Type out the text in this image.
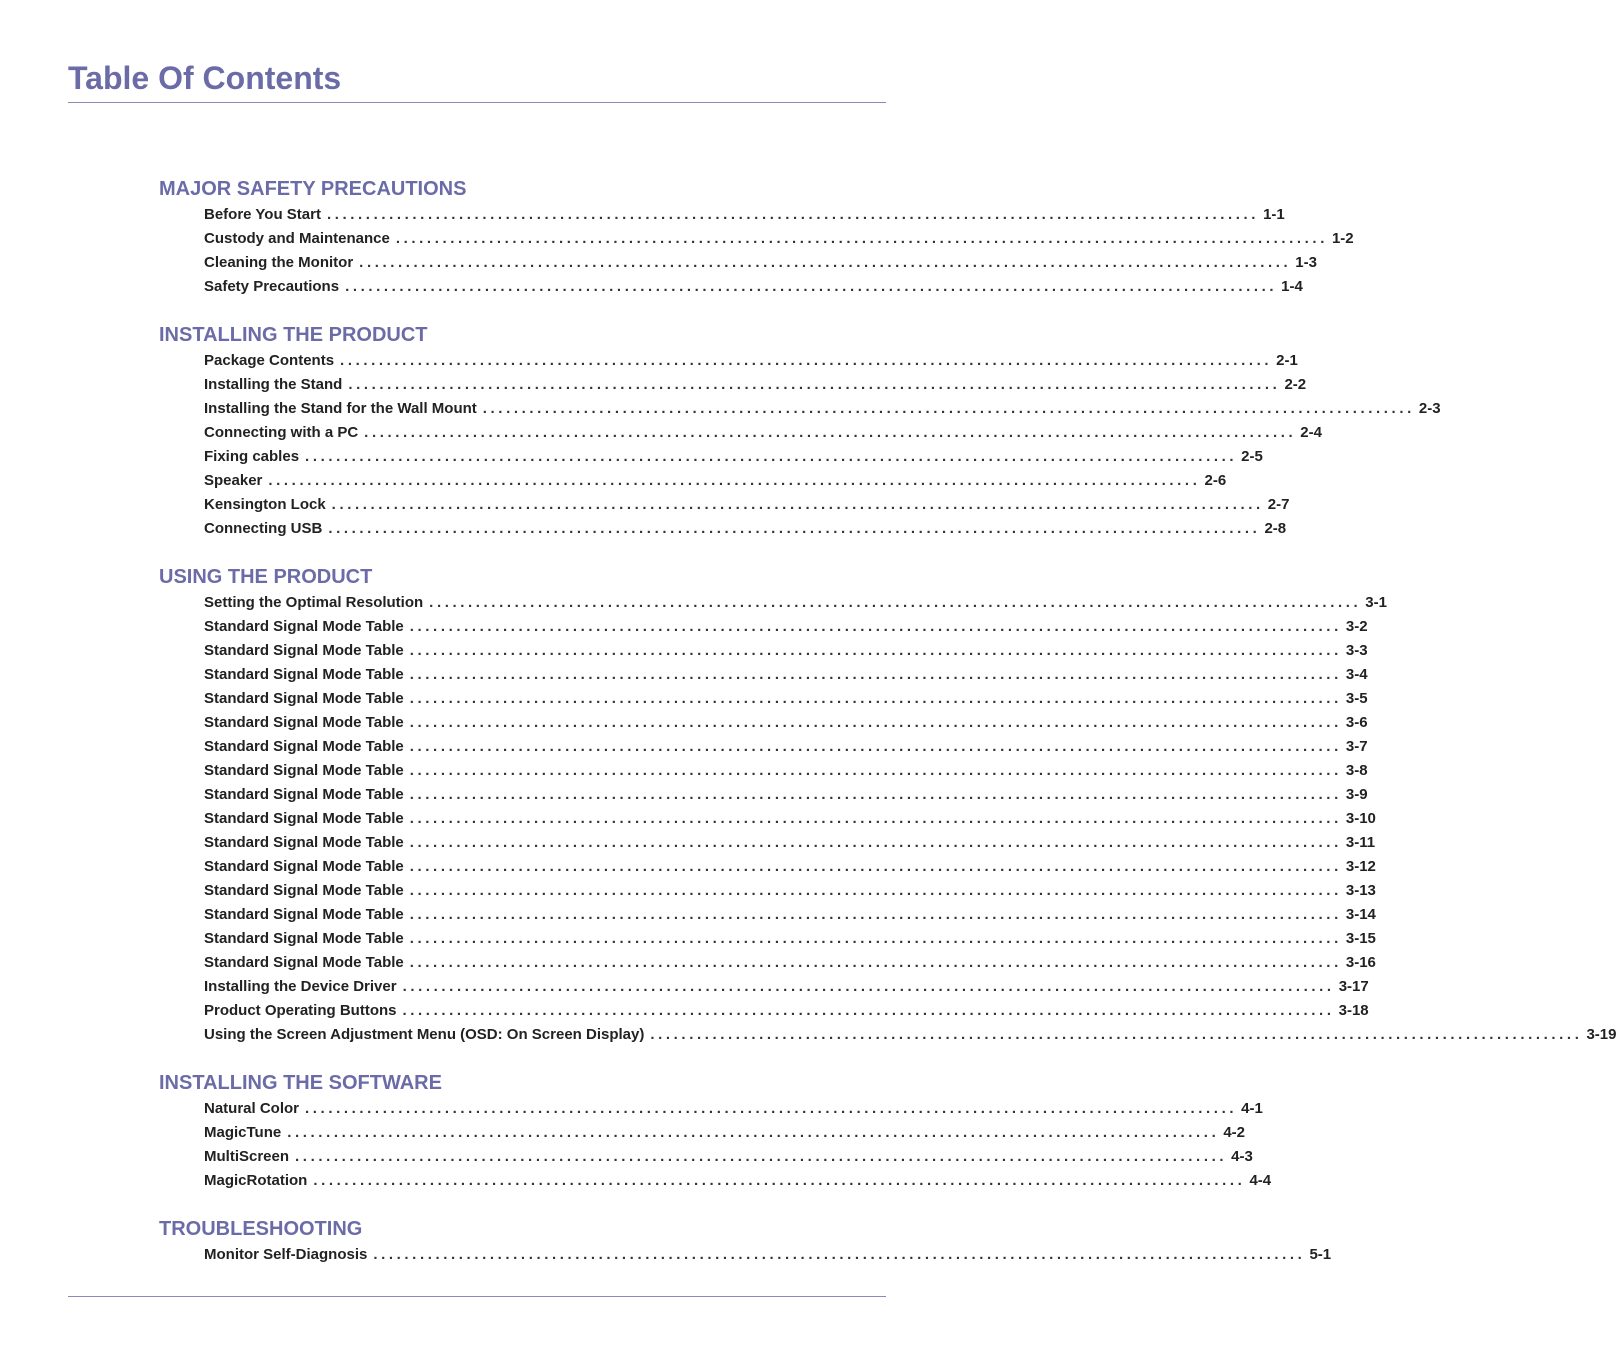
Table Of Contents
MAJOR SAFETY PRECAUTIONS
Before You Start ........................................................................................................................ 1-1
Custody and Maintenance ........................................................................................................................ 1-2
Cleaning the Monitor ........................................................................................................................ 1-3
Safety Precautions ........................................................................................................................ 1-4
INSTALLING THE PRODUCT
Package Contents ........................................................................................................................ 2-1
Installing the Stand ........................................................................................................................ 2-2
Installing the Stand for the Wall Mount ........................................................................................................................ 2-3
Connecting with a PC ........................................................................................................................ 2-4
Fixing cables ........................................................................................................................ 2-5
Speaker ........................................................................................................................ 2-6
Kensington Lock ........................................................................................................................ 2-7
Connecting USB ........................................................................................................................ 2-8
USING THE PRODUCT
Setting the Optimal Resolution ........................................................................................................................ 3-1
Standard Signal Mode Table ........................................................................................................................ 3-2
Standard Signal Mode Table ........................................................................................................................ 3-3
Standard Signal Mode Table ........................................................................................................................ 3-4
Standard Signal Mode Table ........................................................................................................................ 3-5
Standard Signal Mode Table ........................................................................................................................ 3-6
Standard Signal Mode Table ........................................................................................................................ 3-7
Standard Signal Mode Table ........................................................................................................................ 3-8
Standard Signal Mode Table ........................................................................................................................ 3-9
Standard Signal Mode Table ........................................................................................................................ 3-10
Standard Signal Mode Table ........................................................................................................................ 3-11
Standard Signal Mode Table ........................................................................................................................ 3-12
Standard Signal Mode Table ........................................................................................................................ 3-13
Standard Signal Mode Table ........................................................................................................................ 3-14
Standard Signal Mode Table ........................................................................................................................ 3-15
Standard Signal Mode Table ........................................................................................................................ 3-16
Installing the Device Driver ........................................................................................................................ 3-17
Product Operating Buttons ........................................................................................................................ 3-18
Using the Screen Adjustment Menu (OSD: On Screen Display) ........................................................................................................................ 3-19
INSTALLING THE SOFTWARE
Natural Color ........................................................................................................................ 4-1
MagicTune ........................................................................................................................ 4-2
MultiScreen ........................................................................................................................ 4-3
MagicRotation ........................................................................................................................ 4-4
TROUBLESHOOTING
Monitor Self-Diagnosis ........................................................................................................................ 5-1
